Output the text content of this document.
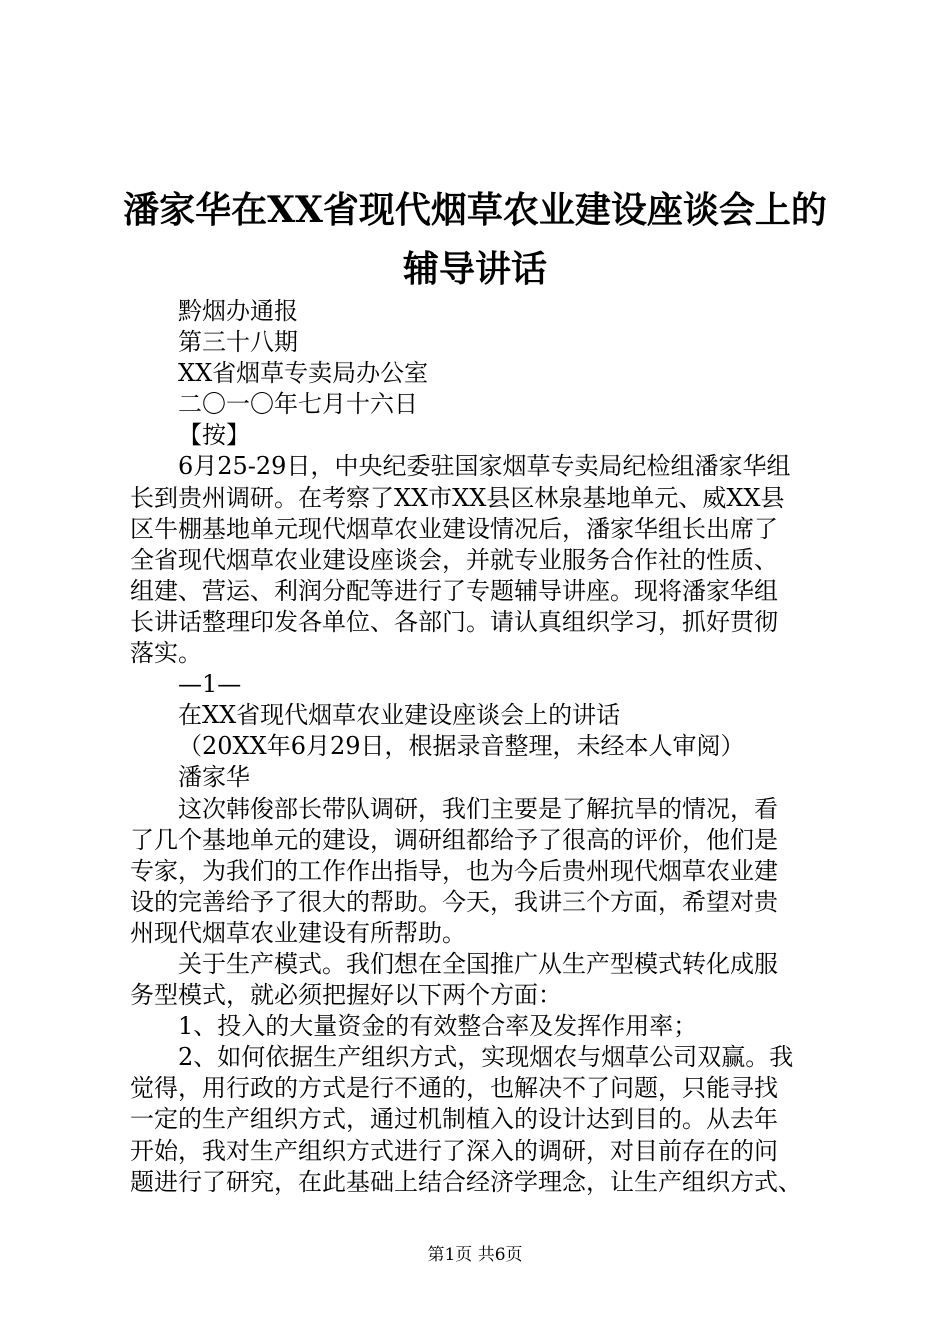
潘家华在XX省现代烟草农业建设座谈会上的
辅导讲话
黔烟办通报
第三十八期
XX省烟草专卖局办公室
二〇一〇年七月十六日
【按】
6月25-29日，中央纪委驻国家烟草专卖局纪检组潘家华组
长到贵州调研。在考察了XX市XX县区林泉基地单元、威XX县
区牛棚基地单元现代烟草农业建设情况后，潘家华组长出席了
全省现代烟草农业建设座谈会，并就专业服务合作社的性质、
组建、营运、利润分配等进行了专题辅导讲座。现将潘家华组
长讲话整理印发各单位、各部门。请认真组织学习，抓好贯彻
落实。
—1—
在XX省现代烟草农业建设座谈会上的讲话
（20XX年6月29日，根据录音整理，未经本人审阅）
潘家华
这次韩俊部长带队调研，我们主要是了解抗旱的情况，看
了几个基地单元的建设，调研组都给予了很高的评价，他们是
专家，为我们的工作作出指导，也为今后贵州现代烟草农业建
设的完善给予了很大的帮助。今天，我讲三个方面，希望对贵
州现代烟草农业建设有所帮助。
关于生产模式。我们想在全国推广从生产型模式转化成服
务型模式，就必须把握好以下两个方面：
1、投入的大量资金的有效整合率及发挥作用率；
2、如何依据生产组织方式，实现烟农与烟草公司双赢。我
觉得，用行政的方式是行不通的，也解决不了问题，只能寻找
一定的生产组织方式，通过机制植入的设计达到目的。从去年
开始，我对生产组织方式进行了深入的调研，对目前存在的问
题进行了研究，在此基础上结合经济学理念，让生产组织方式、
第1页 共6页
